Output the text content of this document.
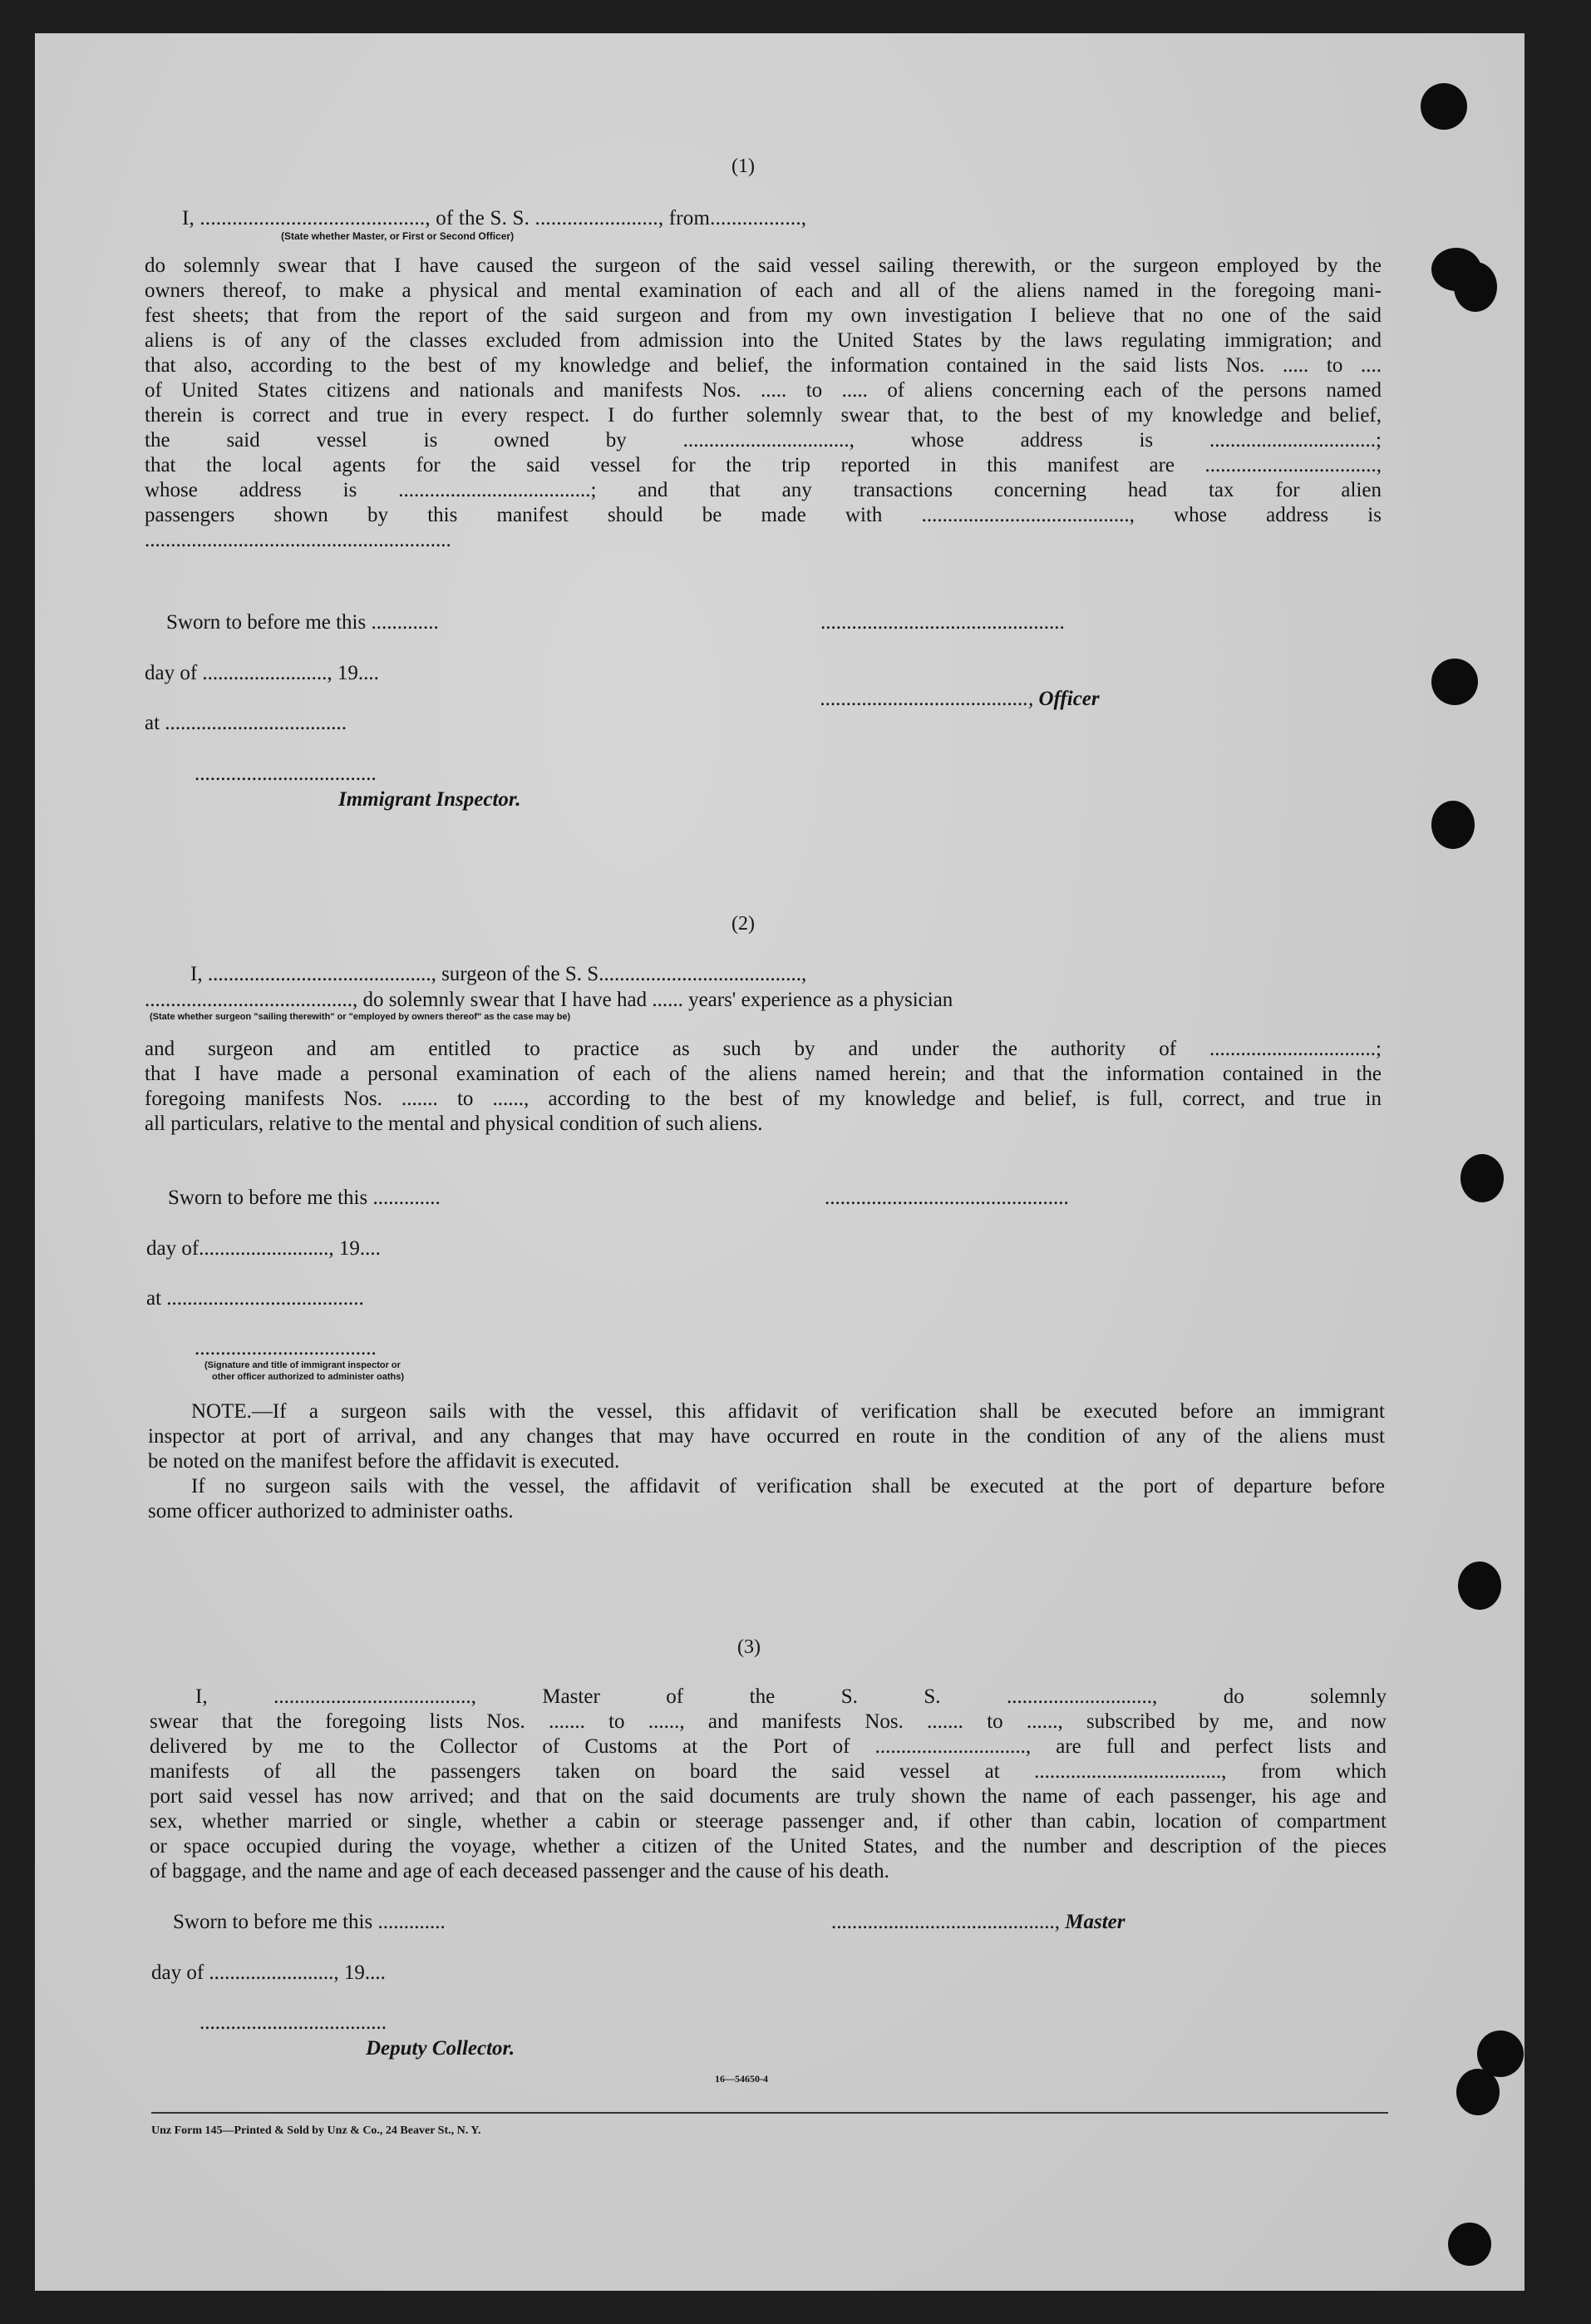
(1)
I, .........................................., of the S. S. ......................., from.................,
(State whether Master, or First or Second Officer)
do solemnly swear that I have caused the surgeon of the said vessel sailing therewith, or the surgeon employed by the
owners thereof, to make a physical and mental examination of each and all of the aliens named in the foregoing mani-
fest sheets; that from the report of the said surgeon and from my own investigation I believe that no one of the said
aliens is of any of the classes excluded from admission into the United States by the laws regulating immigration; and
that also, according to the best of my knowledge and belief, the information contained in the said lists Nos. ..... to ....
of United States citizens and nationals and manifests Nos. ..... to ..... of aliens concerning each of the persons named
therein is correct and true in every respect. I do further solemnly swear that, to the best of my knowledge and belief,
the said vessel is owned by ................................, whose address is ................................;
that the local agents for the said vessel for the trip reported in this manifest are .................................,
whose address is .....................................; and that any transactions concerning head tax for alien
passengers shown by this manifest should be made with ........................................, whose address is
...........................................................
Sworn to before me this .............	...............................................
day of ........................, 19....
........................................, Officer
at ...................................
...................................
Immigrant Inspector.
(2)
I, ..........................................., surgeon of the S. S.......................................,
........................................, do solemnly swear that I have had ...... years' experience as a physician
(State whether surgeon "sailing therewith" or "employed by owners thereof" as the case may be)
and surgeon and am entitled to practice as such by and under the authority of ................................;
that I have made a personal examination of each of the aliens named herein; and that the information contained in the
foregoing manifests Nos. ....... to ......, according to the best of my knowledge and belief, is full, correct, and true in
all particulars, relative to the mental and physical condition of such aliens.
Sworn to before me this .............	...............................................
day of........................., 19....
at ......................................
...................................
(Signature and title of immigrant inspector or
other officer authorized to administer oaths)
NOTE.—If a surgeon sails with the vessel, this affidavit of verification shall be executed before an immigrant
inspector at port of arrival, and any changes that may have occurred en route in the condition of any of the aliens must
be noted on the manifest before the affidavit is executed.
If no surgeon sails with the vessel, the affidavit of verification shall be executed at the port of departure before
some officer authorized to administer oaths.
(3)
I, ......................................, Master of the S. S. ............................, do solemnly
swear that the foregoing lists Nos. ....... to ......, and manifests Nos. ....... to ......, subscribed by me, and now
delivered by me to the Collector of Customs at the Port of ............................., are full and perfect lists and
manifests of all the passengers taken on board the said vessel at ...................................., from which
port said vessel has now arrived; and that on the said documents are truly shown the name of each passenger, his age and
sex, whether married or single, whether a cabin or steerage passenger and, if other than cabin, location of compartment
or space occupied during the voyage, whether a citizen of the United States, and the number and description of the pieces
of baggage, and the name and age of each deceased passenger and the cause of his death.
Sworn to before me this .............	..........................................., Master
day of ........................, 19....
....................................
Deputy Collector.
16—54650-4
Unz Form 145—Printed & Sold by Unz & Co., 24 Beaver St., N. Y.
